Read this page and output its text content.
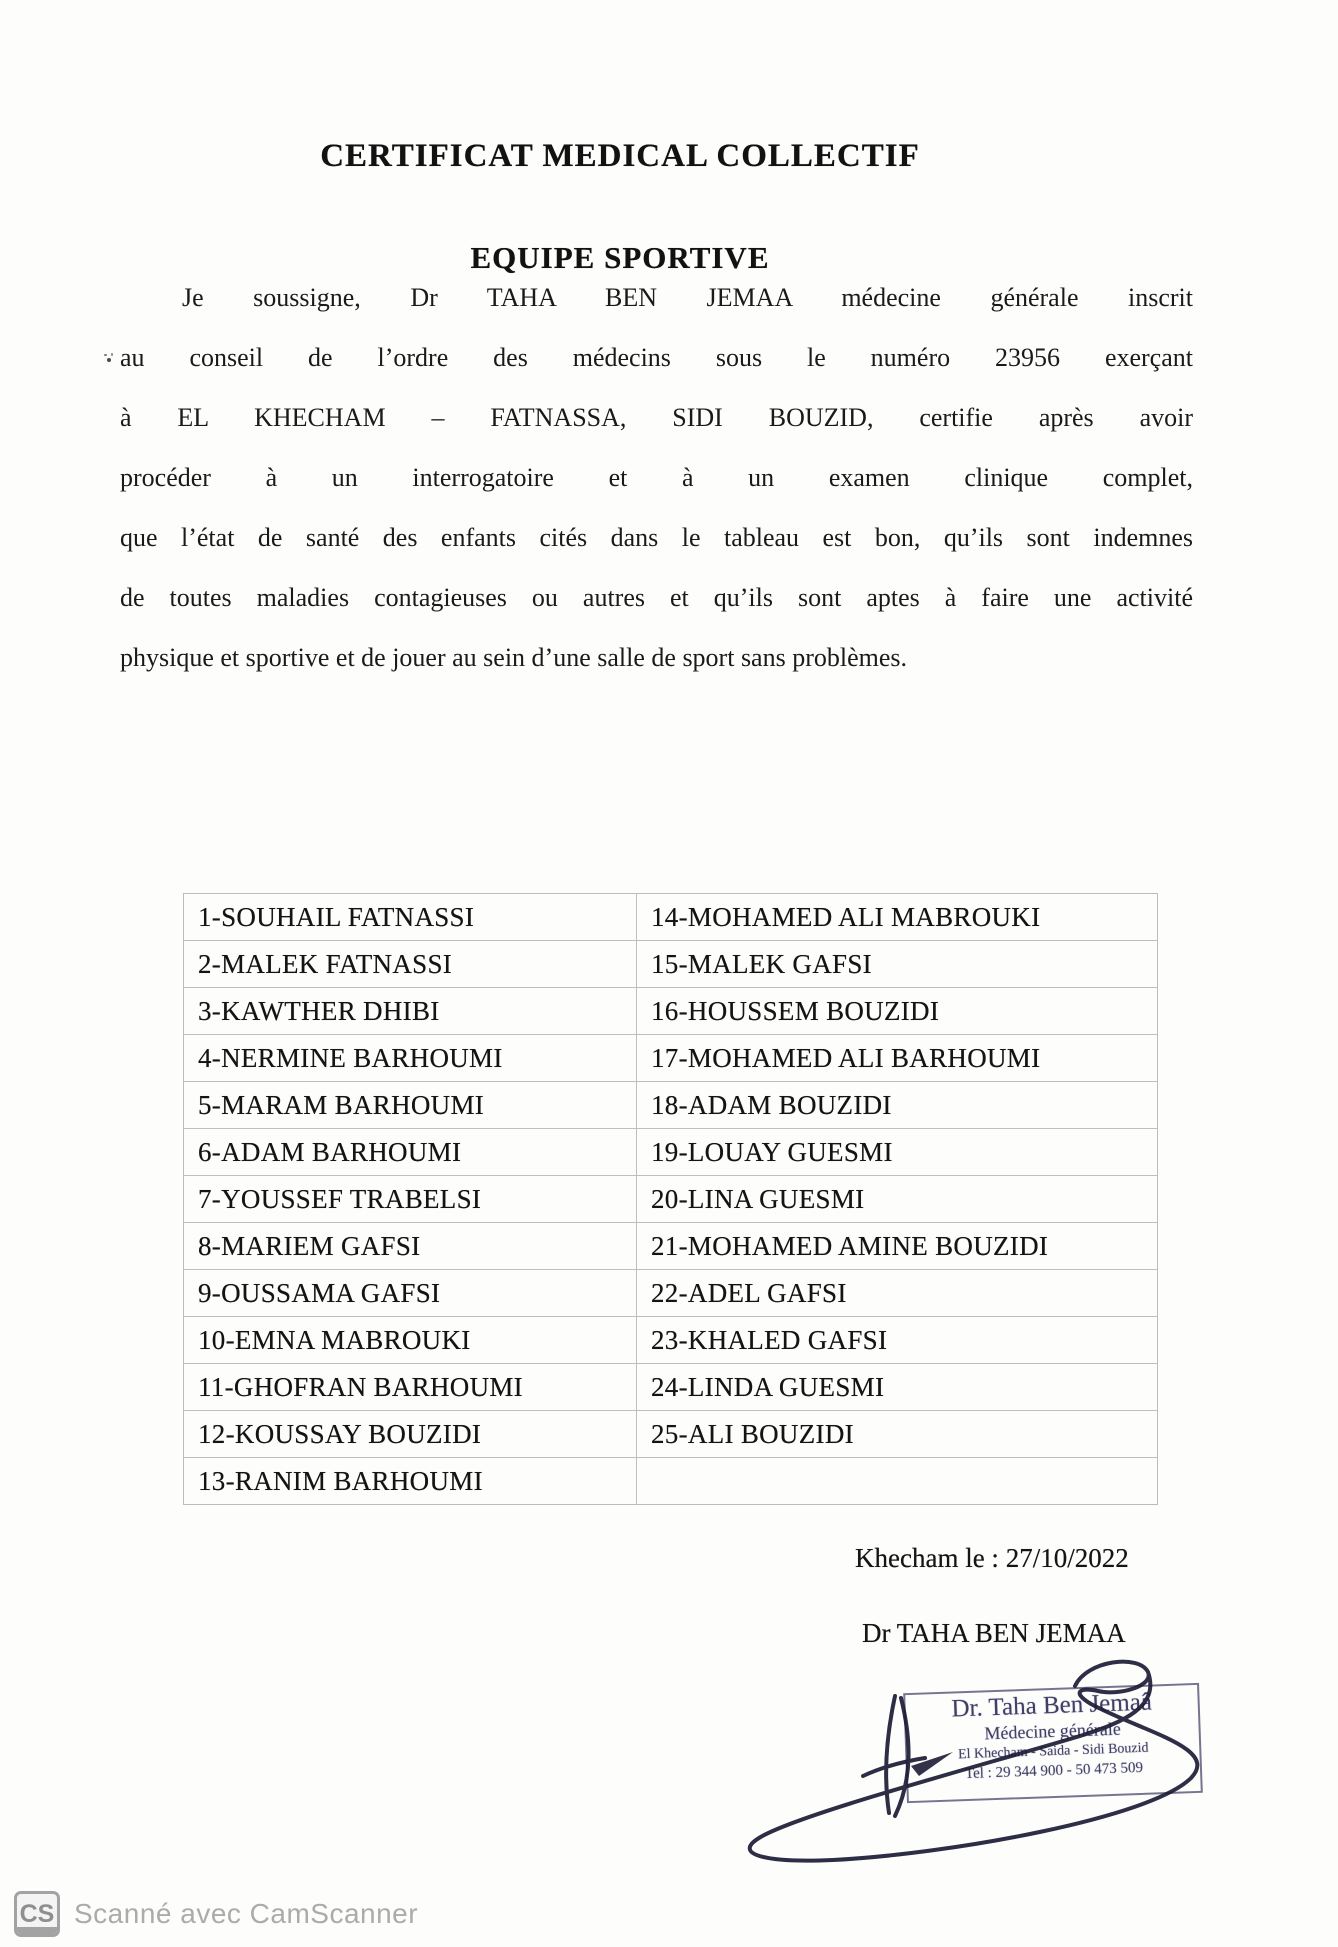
CERTIFICAT MEDICAL COLLECTIF
EQUIPE SPORTIVE
Je soussigne, Dr TAHA BEN JEMAA médecine générale inscrit
au conseil de l’ordre des médecins sous le numéro 23956 exerçant
à EL KHECHAM – FATNASSA, SIDI BOUZID, certifie après avoir
procéder à un interrogatoire et à un examen clinique complet,
que l’état de santé des enfants cités dans le tableau est bon, qu’ils sont indemnes
de toutes maladies contagieuses ou autres et qu’ils sont aptes à faire une activité
physique et sportive et de jouer au sein d’une salle de sport sans problèmes.
1-SOUHAIL FATNASSI	14-MOHAMED ALI MABROUKI
2-MALEK FATNASSI	15-MALEK GAFSI
3-KAWTHER DHIBI	16-HOUSSEM BOUZIDI
4-NERMINE BARHOUMI	17-MOHAMED ALI BARHOUMI
5-MARAM BARHOUMI	18-ADAM BOUZIDI
6-ADAM BARHOUMI	19-LOUAY GUESMI
7-YOUSSEF TRABELSI	20-LINA GUESMI
8-MARIEM GAFSI	21-MOHAMED AMINE BOUZIDI
9-OUSSAMA GAFSI	22-ADEL GAFSI
10-EMNA MABROUKI	23-KHALED GAFSI
11-GHOFRAN BARHOUMI	24-LINDA GUESMI
12-KOUSSAY BOUZIDI	25-ALI BOUZIDI
13-RANIM BARHOUMI
Khecham le : 27/10/2022
Dr TAHA BEN JEMAA
Dr. Taha Ben Jemaâ
Médecine générale
El Khecham - Saida - Sidi Bouzid
Tel : 29 344 900 - 50 473 509
CS Scanné avec CamScanner
